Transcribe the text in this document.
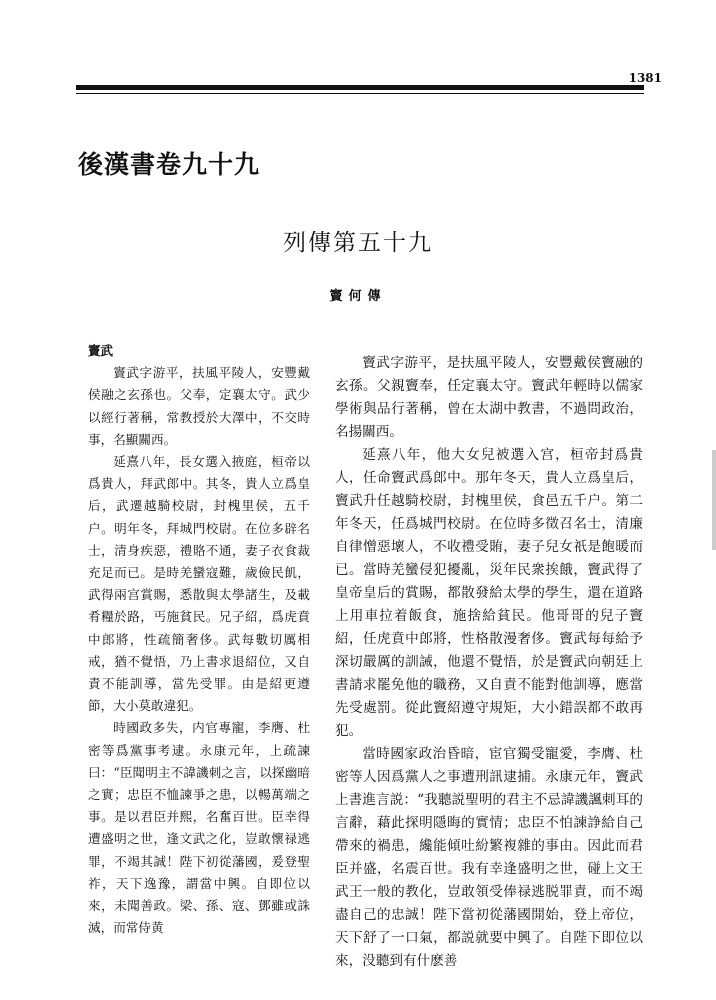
1381
後漢書卷九十九
列傳第五十九
竇何傳
竇武

竇武字游平，扶風平陵人，安豐戴侯融之玄孫也。父奉，定襄太守。武少以經行著稱，常教授於大澤中，不交時事，名顯關西。

延熹八年，長女選入掖庭，桓帝以爲貴人，拜武郎中。其冬，貴人立爲皇后，武遷越騎校尉，封槐里侯，五千户。明年冬，拜城門校尉。在位多辟名士，清身疾惡，禮賂不通，妻子衣食裁充足而已。是時羌蠻寇難，歲儉民飢，武得兩宫賞賜，悉散與太學諸生，及載肴糧於路，丐施貧民。兄子紹，爲虎賁中郎將，性疏簡奢侈。武每數切厲相戒，猶不覺悟，乃上書求退紹位，又自責不能訓導，當先受罪。由是紹更遵節，大小莫敢違犯。

時國政多失，内官專寵，李膺、杜密等爲黨事考逮。永康元年，上疏諫曰：“臣聞明主不諱譏刺之言，以探幽暗之實；忠臣不恤諫爭之患，以暢萬端之事。是以君臣并熙，名奮百世。臣幸得遭盛明之世，逢文武之化，豈敢懷禄逃罪，不竭其誠！陛下初從藩國，爰登聖祚，天下逸豫，謂當中興。自即位以來，未聞善政。梁、孫、寇、鄧雖或誅滅，而常侍黄

竇武字游平，是扶風平陵人，安豐戴侯竇融的玄孫。父親竇奉，任定襄太守。竇武年輕時以儒家學術與品行著稱，曾在太湖中教書，不過問政治，名揚關西。

延熹八年，他大女兒被選入宫，桓帝封爲貴人，任命竇武爲郎中。那年冬天，貴人立爲皇后，竇武升任越騎校尉，封槐里侯，食邑五千户。第二年冬天，任爲城門校尉。在位時多徵召名士，清廉自律憎惡壞人，不收禮受賄，妻子兒女祇是飽暖而已。當時羌蠻侵犯擾亂，災年民衆挨餓，竇武得了皇帝皇后的賞賜，都散發給太學的學生，還在道路上用車拉着飯食，施捨給貧民。他哥哥的兒子竇紹，任虎賁中郎將，性格散漫奢侈。竇武每每給予深切嚴厲的訓誡，他還不覺悟，於是竇武向朝廷上書請求罷免他的職務，又自責不能對他訓導，應當先受處罰。從此竇紹遵守規矩，大小錯誤都不敢再犯。

當時國家政治昏暗，宦官獨受寵愛，李膺、杜密等人因爲黨人之事遭刑訊逮捕。永康元年，竇武上書進言説：“我聽説聖明的君主不忌諱譏諷刺耳的言辭，藉此探明隱晦的實情；忠臣不怕諫諍給自己帶來的禍患，纔能傾吐紛繁複雜的事由。因此而君臣并盛，名震百世。我有幸逢盛明之世，碰上文王武王一般的教化，豈敢領受俸禄逃脱罪責，而不竭盡自己的忠誠！陛下當初從藩國開始，登上帝位，天下舒了一口氣，都説就要中興了。自陛下即位以來，没聽到有什麽善
